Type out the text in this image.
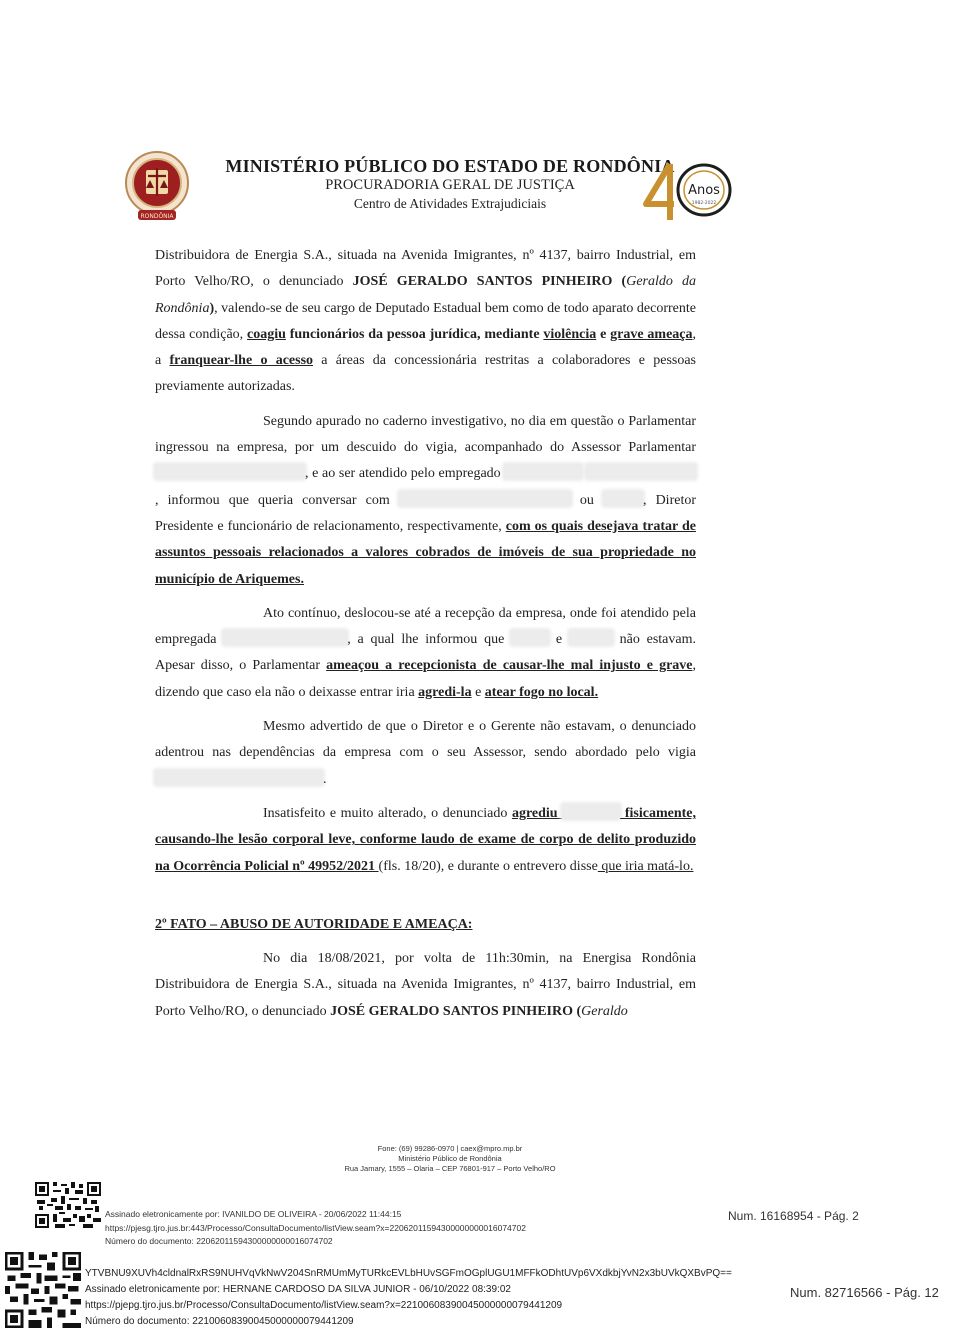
RONDÔNIA
MINISTÉRIO PÚBLICO DO ESTADO DE RONDÔNIA
PROCURADORIA GERAL DE JUSTIÇA
Centro de Atividades Extrajudiciais
Anos
1982-2022

Distribuidora de Energia S.A., situada na Avenida Imigrantes, nº 4137, bairro Industrial, em Porto Velho/RO, o denunciado JOSÉ GERALDO SANTOS PINHEIRO (Geraldo da Rondônia), valendo-se de seu cargo de Deputado Estadual bem como de todo aparato decorrente dessa condição, coagiu funcionários da pessoa jurídica, mediante violência e grave ameaça, a franquear-lhe o acesso a áreas da concessionária restritas a colaboradores e pessoas previamente autorizadas.

Segundo apurado no caderno investigativo, no dia em questão o Parlamentar ingressou na empresa, por um descuido do vigia, acompanhado do Assessor Parlamentar , e ao ser atendido pelo empregado  , informou que queria conversar com	ou	, Diretor Presidente e funcionário de relacionamento, respectivamente, com os quais desejava tratar de assuntos pessoais relacionados a valores cobrados de imóveis de sua propriedade no município de Ariquemes.

Ato contínuo, deslocou-se até a recepção da empresa, onde foi atendido pela empregada	, a qual lhe informou que	e	não estavam. Apesar disso, o Parlamentar ameaçou a recepcionista de causar-lhe mal injusto e grave, dizendo que caso ela não o deixasse entrar iria agredi-la e atear fogo no local.

Mesmo advertido de que o Diretor e o Gerente não estavam, o denunciado adentrou nas dependências da empresa com o seu Assessor, sendo abordado pelo vigia .

Insatisfeito e muito alterado, o denunciado agrediu	fisicamente, causando-lhe lesão corporal leve, conforme laudo de exame de corpo de delito produzido na Ocorrência Policial nº 49952/2021 (fls. 18/20), e durante o entrevero disse que iria matá-lo.

2º FATO – ABUSO DE AUTORIDADE E AMEAÇA:

No dia 18/08/2021, por volta de 11h:30min, na Energisa Rondônia Distribuidora de Energia S.A., situada na Avenida Imigrantes, nº 4137, bairro Industrial, em Porto Velho/RO, o denunciado JOSÉ GERALDO SANTOS PINHEIRO (Geraldo

Fone: (69) 99286-0970 | caex@mpro.mp.br
Ministério Público de Rondônia
Rua Jamary, 1555 – Olaria – CEP 76801-917 – Porto Velho/RO
Assinado eletronicamente por: IVANILDO DE OLIVEIRA - 20/06/2022 11:44:15
https://pjesg.tjro.jus.br:443/Processo/ConsultaDocumento/listView.seam?x=22062011594300000000016074702
Número do documento: 22062011594300000000016074702
Num. 16168954 - Pág. 2
YTVBNU9XUVh4cldnalRxRS9NUHVqVkNwV204SnRMUmMyTURkcEVLbHUvSGFmOGplUGU1MFFkODhtUVp6VXdkbjYvN2x3bUVkQXBvPQ==
Assinado eletronicamente por: HERNANE CARDOSO DA SILVA JUNIOR - 06/10/2022 08:39:02
https://pjepg.tjro.jus.br/Processo/ConsultaDocumento/listView.seam?x=22100608390045000000079441209
Número do documento: 22100608390045000000079441209
Num. 82716566 - Pág. 12
